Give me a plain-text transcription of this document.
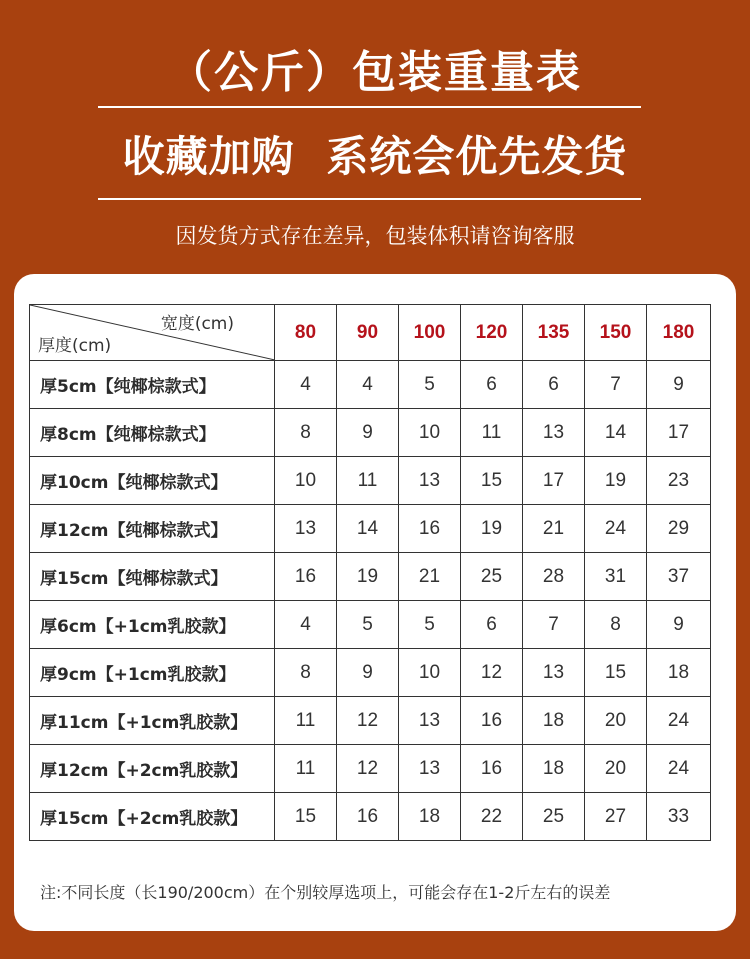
（公斤）包装重量表
收藏加购 系统会优先发货
因发货方式存在差异，包装体积请咨询客服
宽度(cm)
厚度(cm)	80	90	100	120	135	150	180
厚5cm【纯椰棕款式】	4	4	5	6	6	7	9
厚8cm【纯椰棕款式】	8	9	10	11	13	14	17
厚10cm【纯椰棕款式】	10	11	13	15	17	19	23
厚12cm【纯椰棕款式】	13	14	16	19	21	24	29
厚15cm【纯椰棕款式】	16	19	21	25	28	31	37
厚6cm【+1cm乳胶款】	4	5	5	6	7	8	9
厚9cm【+1cm乳胶款】	8	9	10	12	13	15	18
厚11cm【+1cm乳胶款】	11	12	13	16	18	20	24
厚12cm【+2cm乳胶款】	11	12	13	16	18	20	24
厚15cm【+2cm乳胶款】	15	16	18	22	25	27	33
注:不同长度（长190/200cm）在个别较厚选项上，可能会存在1-2斤左右的误差
